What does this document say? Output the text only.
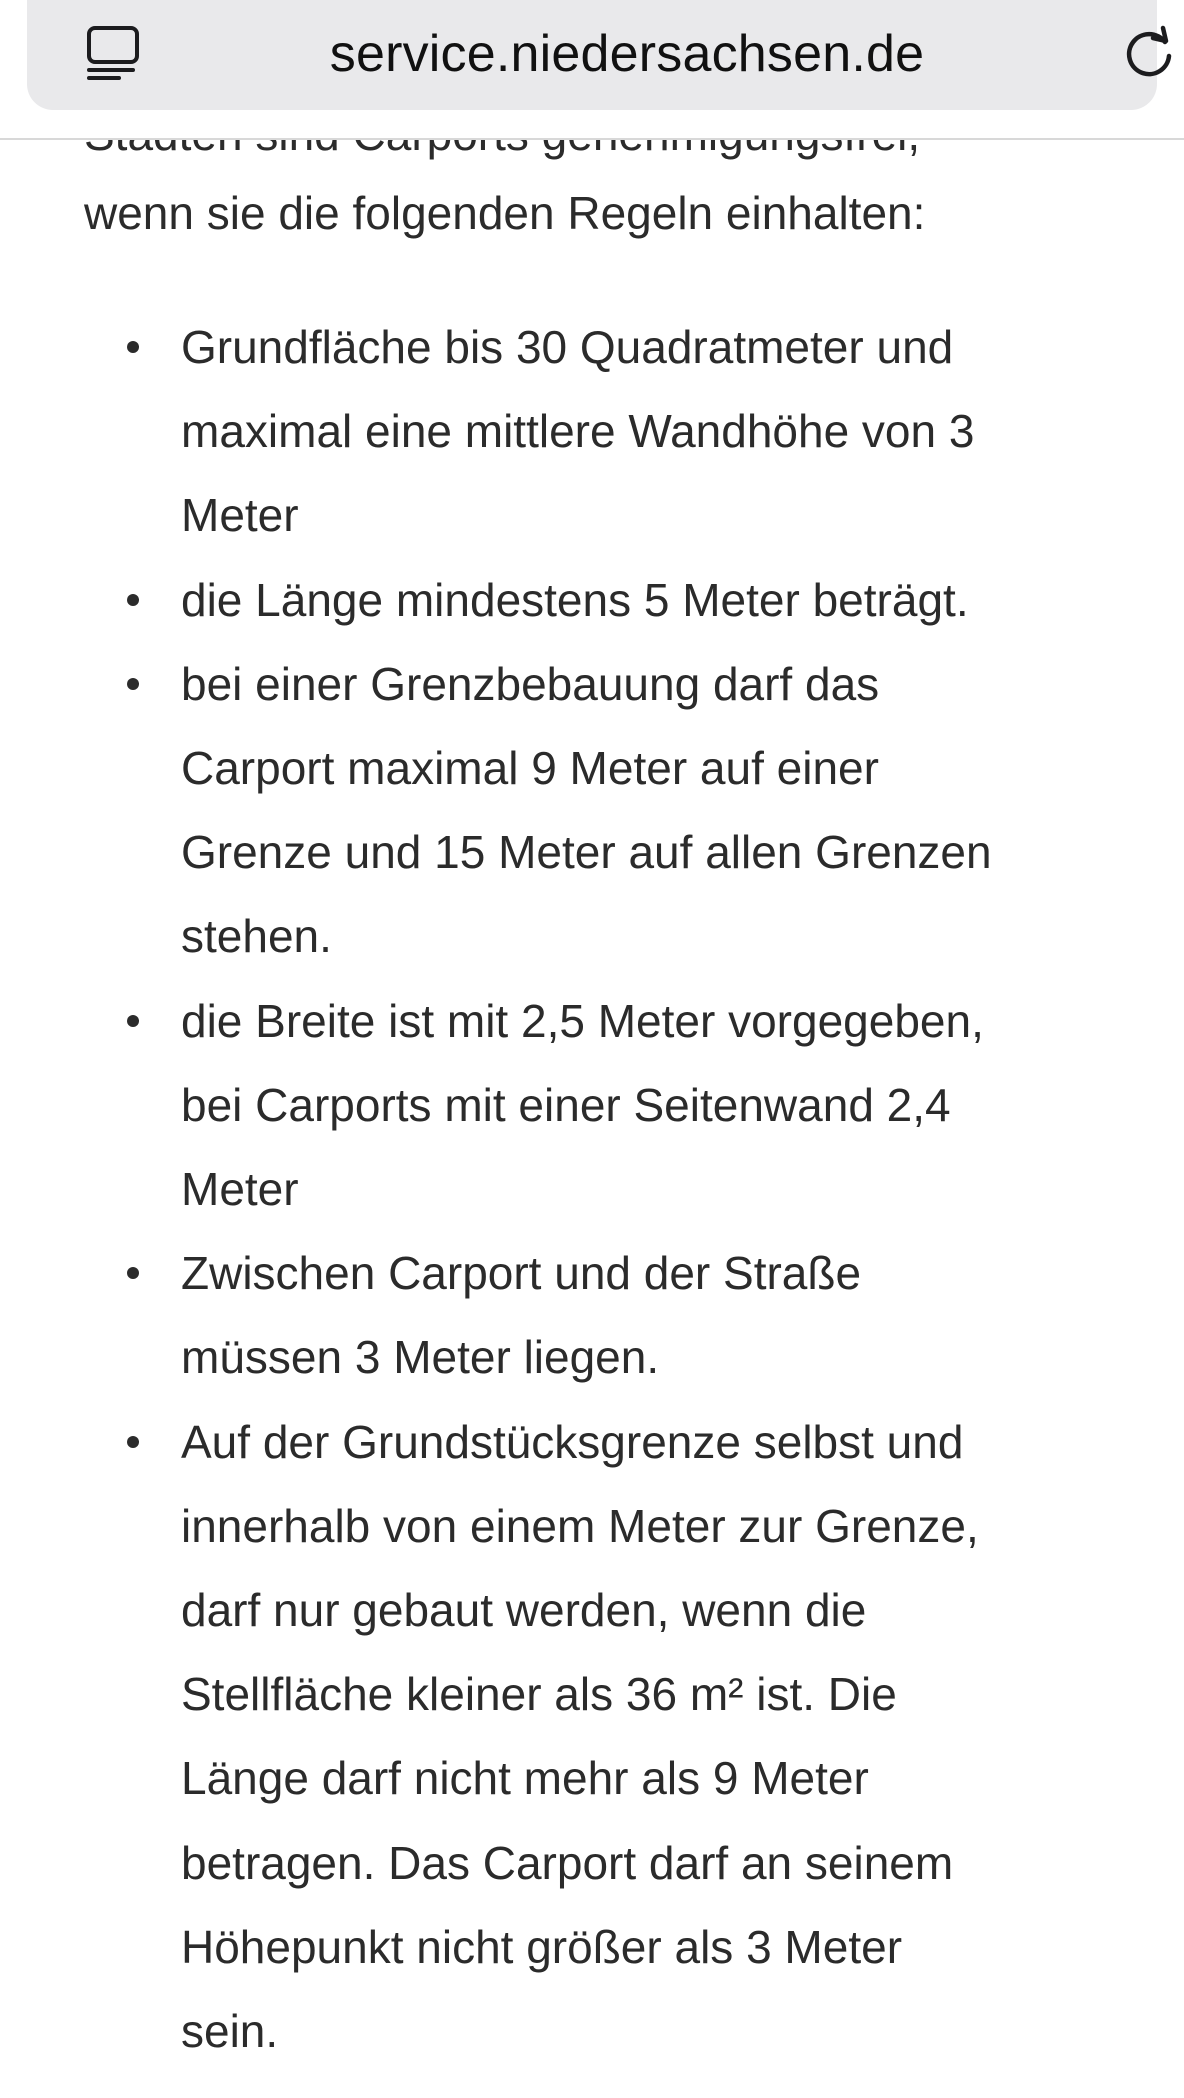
wenn sie die folgenden Regeln einhalten:
Grundfläche bis 30 Quadratmeter und
maximal eine mittlere Wandhöhe von 3
Meter
die Länge mindestens 5 Meter beträgt.
bei einer Grenzbebauung darf das
Carport maximal 9 Meter auf einer
Grenze und 15 Meter auf allen Grenzen
stehen.
die Breite ist mit 2,5 Meter vorgegeben,
bei Carports mit einer Seitenwand 2,4
Meter
Zwischen Carport und der Straße
müssen 3 Meter liegen.
Auf der Grundstücksgrenze selbst und
innerhalb von einem Meter zur Grenze,
darf nur gebaut werden, wenn die
Stellfläche kleiner als 36 m² ist. Die
Länge darf nicht mehr als 9 Meter
betragen. Das Carport darf an seinem
Höhepunkt nicht größer als 3 Meter
sein.
service.niedersachsen.de
